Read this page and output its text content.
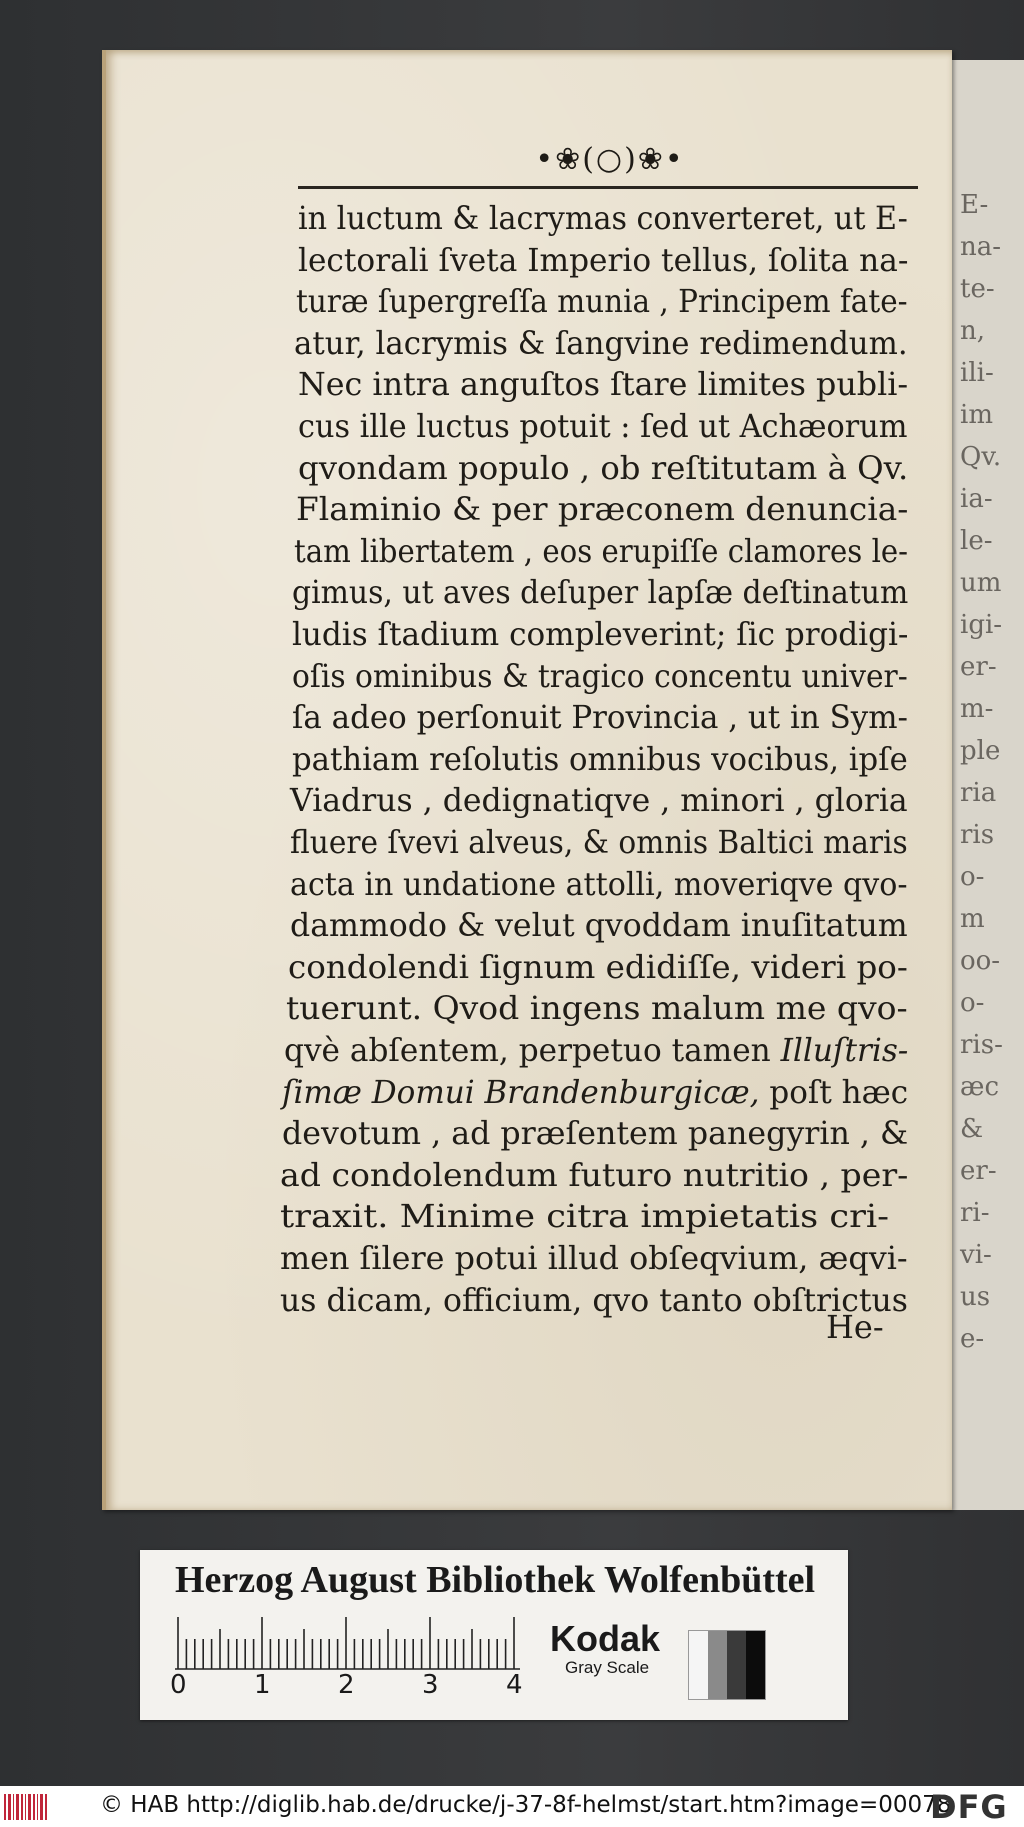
E-
na-
te-
n,
ili-
im
Qv.
ia-
le-
um
igi-
er-
m-
ple
ria
ris
o-
m
oo-
o-
ris-
æc
&
er-
ri-
vi-
us
e-
•❀(○)❀•
in luctum & lacrymas converteret, ut E-
lectorali ſveta Imperio tellus, ſolita na-
turæ ſupergreſſa munia , Principem fate-
atur, lacrymis & ſangvine redimendum.
Nec intra anguſtos ſtare limites publi-
cus ille luctus potuit : ſed ut Achæorum
qvondam populo , ob reſtitutam à Qv.
Flaminio & per præconem denuncia-
tam libertatem , eos erupiſſe clamores le-
gimus, ut aves deſuper lapſæ deſtinatum
ludis ſtadium compleverint; ſic prodigi-
oſis ominibus & tragico concentu univer-
ſa adeo perſonuit Provincia , ut in Sym-
pathiam reſolutis omnibus vocibus, ipſe
Viadrus , dedignatiqve , minori , gloria
fluere ſvevi alveus, & omnis Baltici maris
acta in undatione attolli, moveriqve qvo-
dammodo & velut qvoddam inuſitatum
condolendi ſignum edidiſſe, videri po-
tuerunt. Qvod ingens malum me qvo-
qvè abſentem, perpetuo tamen Illuſtris-
ſimæ Domui Brandenburgicæ, poſt hæc
devotum , ad præſentem panegyrin , &
ad condolendum futuro nutritio , per-
traxit. Minime citra impietatis cri-
men ſilere potui illud obſeqvium, æqvi-
us dicam, officium, qvo tanto obſtrictus
He-
Herzog August Bibliothek Wolfenbüttel
0	1	2	3	4
Kodak
Gray Scale
© HAB http://diglib.hab.de/drucke/j-37-8f-helmst/start.htm?image=00078
DFG
